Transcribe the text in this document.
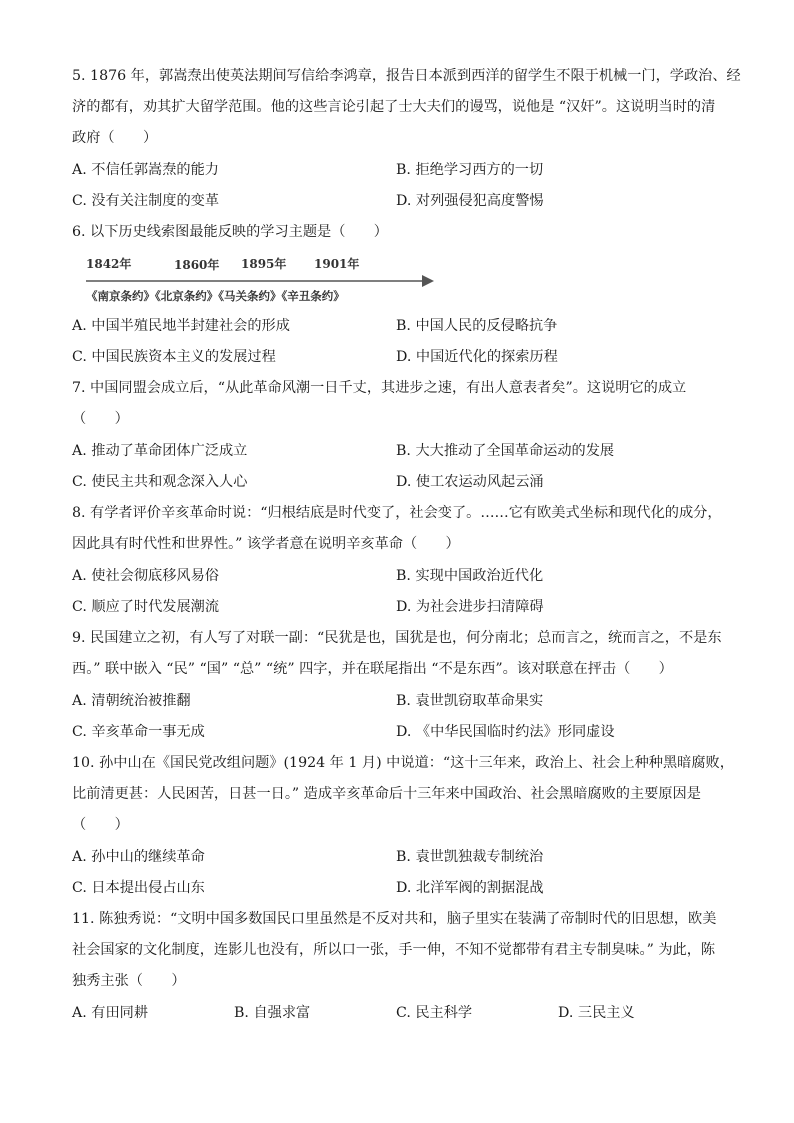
5. 1876 年，郭嵩焘出使英法期间写信给李鸿章，报告日本派到西洋的留学生不限于机械一门，学政治、经
济的都有，劝其扩大留学范围。他的这些言论引起了士大夫们的谩骂，说他是 “汉奸”。这说明当时的清
政府（　　）
A. 不信任郭嵩焘的能力	B. 拒绝学习西方的一切
C. 没有关注制度的变革	D. 对列强侵犯高度警惕
6. 以下历史线索图最能反映的学习主题是（　　）
1842年	1860年 1895年 1901年
《南京条约》《北京条约》《马关条约》《辛丑条约》
A. 中国半殖民地半封建社会的形成	B. 中国人民的反侵略抗争
C. 中国民族资本主义的发展过程	D. 中国近代化的探索历程
7. 中国同盟会成立后，“从此革命风潮一日千丈，其进步之速，有出人意表者矣”。这说明它的成立
（　　）
A. 推动了革命团体广泛成立	B. 大大推动了全国革命运动的发展
C. 使民主共和观念深入人心	D. 使工农运动风起云涌
8. 有学者评价辛亥革命时说：“归根结底是时代变了，社会变了。……它有欧美式坐标和现代化的成分，
因此具有时代性和世界性。” 该学者意在说明辛亥革命（　　）
A. 使社会彻底移风易俗	B. 实现中国政治近代化
C. 顺应了时代发展潮流	D. 为社会进步扫清障碍
9. 民国建立之初，有人写了对联一副：“民犹是也，国犹是也，何分南北；总而言之，统而言之，不是东
西。” 联中嵌入 “民” “国” “总” “统” 四字，并在联尾指出 “不是东西”。该对联意在抨击（　　）
A. 清朝统治被推翻	B. 袁世凯窃取革命果实
C. 辛亥革命一事无成	D. 《中华民国临时约法》形同虚设
10. 孙中山在《国民党改组问题》(1924 年 1 月) 中说道：“这十三年来，政治上、社会上种种黑暗腐败，
比前清更甚：人民困苦，日甚一日。” 造成辛亥革命后十三年来中国政治、社会黑暗腐败的主要原因是
（　　）
A. 孙中山的继续革命	B. 袁世凯独裁专制统治
C. 日本提出侵占山东	D. 北洋军阀的割据混战
11. 陈独秀说：“文明中国多数国民口里虽然是不反对共和，脑子里实在装满了帝制时代的旧思想，欧美
社会国家的文化制度，连影儿也没有，所以口一张，手一伸，不知不觉都带有君主专制臭味。” 为此，陈
独秀主张（　　）
A. 有田同耕	B. 自强求富	C. 民主科学	D. 三民主义
